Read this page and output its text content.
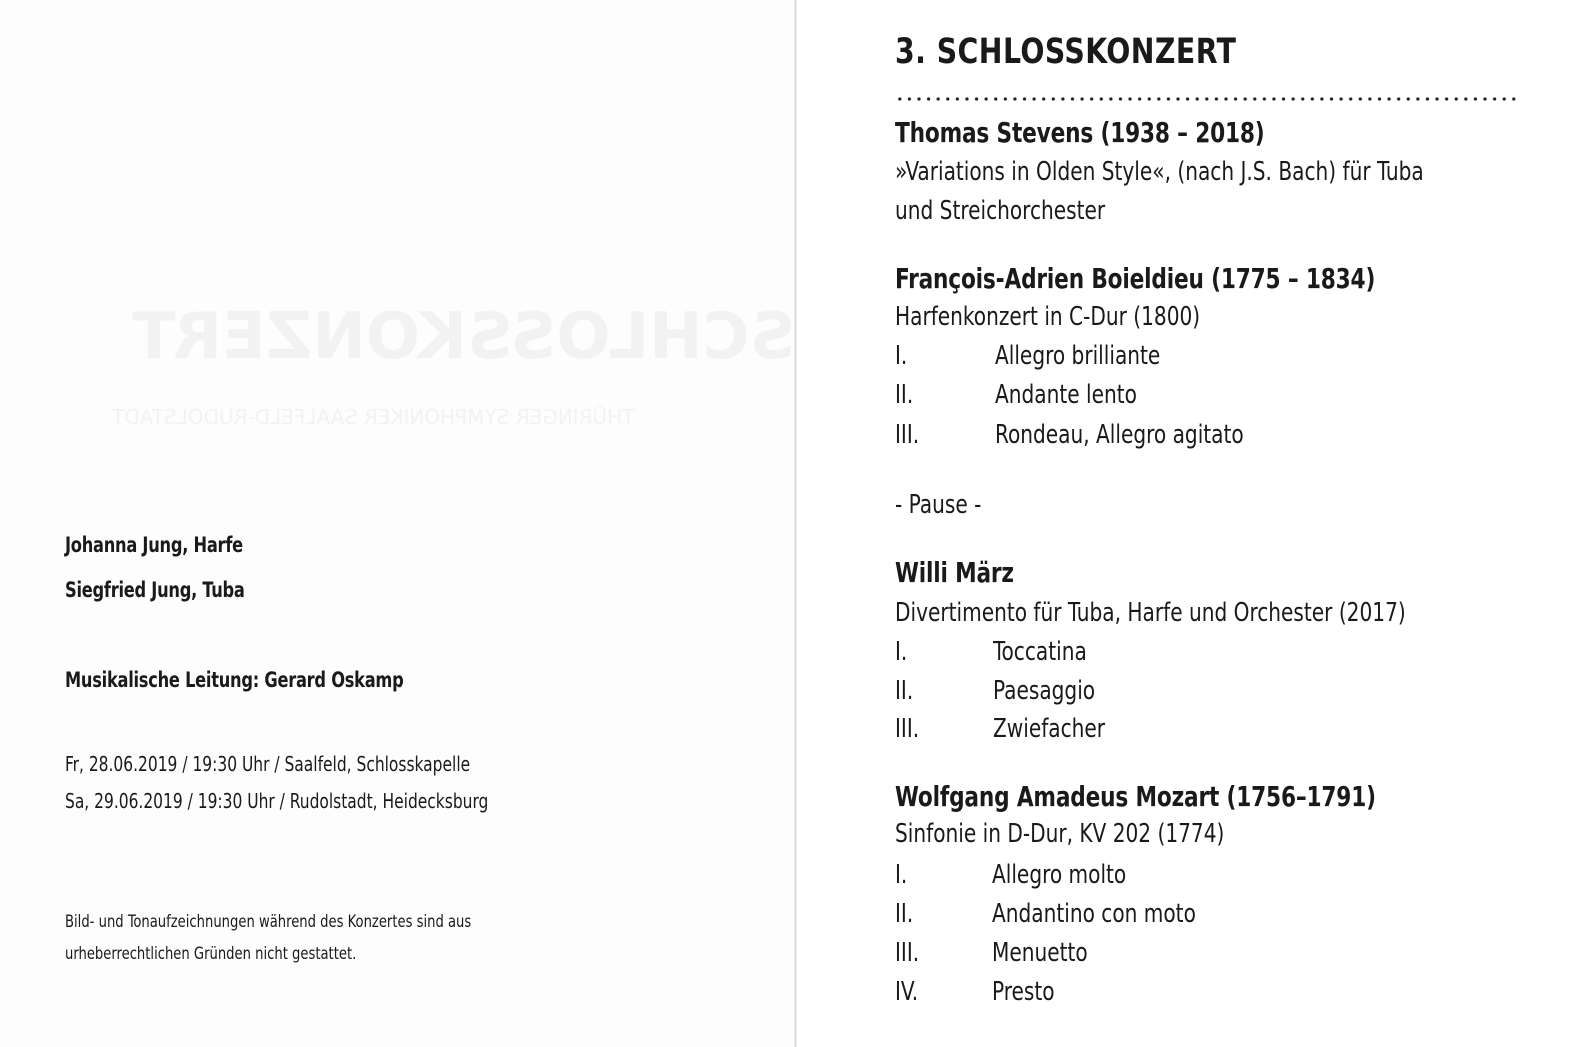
Johanna Jung, Harfe
Siegfried Jung, Tuba
Musikalische Leitung: Gerard Oskamp
Fr, 28.06.2019 / 19:30 Uhr / Saalfeld, Schlosskapelle
Sa, 29.06.2019 / 19:30 Uhr / Rudolstadt, Heidecksburg
Bild- und Tonaufzeichnungen während des Konzertes sind aus
urheberrechtlichen Gründen nicht gestattet.
3. SCHLOSSKONZERT
Thomas Stevens (1938 – 2018)
»Variations in Olden Style«, (nach J.S. Bach) für Tuba
und Streichorchester
François-Adrien Boieldieu (1775 – 1834)
Harfenkonzert in C-Dur (1800)
I.	Allegro brilliante
II.	Andante lento
III.	Rondeau, Allegro agitato
- Pause -
Willi März
Divertimento für Tuba, Harfe und Orchester (2017)
I.	Toccatina
II.	Paesaggio
III.	Zwiefacher
Wolfgang Amadeus Mozart (1756–1791)
Sinfonie in D-Dur, KV 202 (1774)
I.	Allegro molto
II.	Andantino con moto
III.	Menuetto
IV.	Presto
